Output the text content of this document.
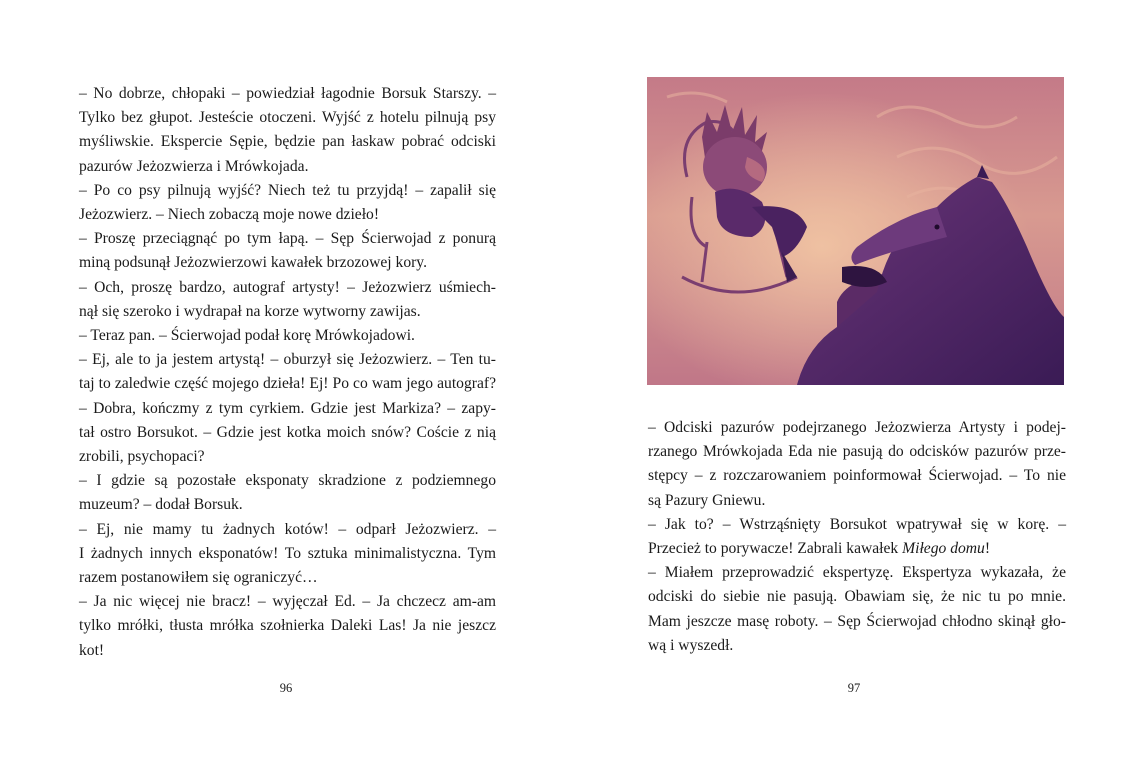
– No dobrze, chłopaki – powiedział łagodnie Borsuk Starszy. –
Tylko bez głupot. Jesteście otoczeni. Wyjść z hotelu pilnują psy
myśliwskie. Ekspercie Sępie, będzie pan łaskaw pobrać odciski
pazurów Jeżozwierza i Mrówkojada.
– Po co psy pilnują wyjść? Niech też tu przyjdą! – zapalił się
Jeżozwierz. – Niech zobaczą moje nowe dzieło!
– Proszę przeciągnąć po tym łapą. – Sęp Ścierwojad z ponurą
miną podsunął Jeżozwierzowi kawałek brzozowej kory.
– Och, proszę bardzo, autograf artysty! – Jeżozwierz uśmiech-
nął się szeroko i wydrapał na korze wytworny zawijas.
– Teraz pan. – Ścierwojad podał korę Mrówkojadowi.
– Ej, ale to ja jestem artystą! – oburzył się Jeżozwierz. – Ten tu-
taj to zaledwie część mojego dzieła! Ej! Po co wam jego autograf?
– Dobra, kończmy z tym cyrkiem. Gdzie jest Markiza? – zapy-
tał ostro Borsukot. – Gdzie jest kotka moich snów? Coście z nią
zrobili, psychopaci?
– I gdzie są pozostałe eksponaty skradzione z podziemnego
muzeum? – dodał Borsuk.
– Ej, nie mamy tu żadnych kotów! – odparł Jeżozwierz. –
I żadnych innych eksponatów! To sztuka minimalistyczna. Tym
razem postanowiłem się ograniczyć…
– Ja nic więcej nie bracz! – wyjęczał Ed. – Ja chczecz am-am
tylko mrółki, tłusta mrółka szołnierka Daleki Las! Ja nie jeszcz
kot!
96
– Odciski pazurów podejrzanego Jeżozwierza Artysty i podej-
rzanego Mrówkojada Eda nie pasują do odcisków pazurów prze-
stępcy – z rozczarowaniem poinformował Ścierwojad. – To nie
są Pazury Gniewu.
– Jak to? – Wstrząśnięty Borsukot wpatrywał się w korę. –
Przecież to porywacze! Zabrali kawałek Miłego domu!
– Miałem przeprowadzić ekspertyzę. Ekspertyza wykazała, że
odciski do siebie nie pasują. Obawiam się, że nic tu po mnie.
Mam jeszcze masę roboty. – Sęp Ścierwojad chłodno skinął gło-
wą i wyszedł.
97
